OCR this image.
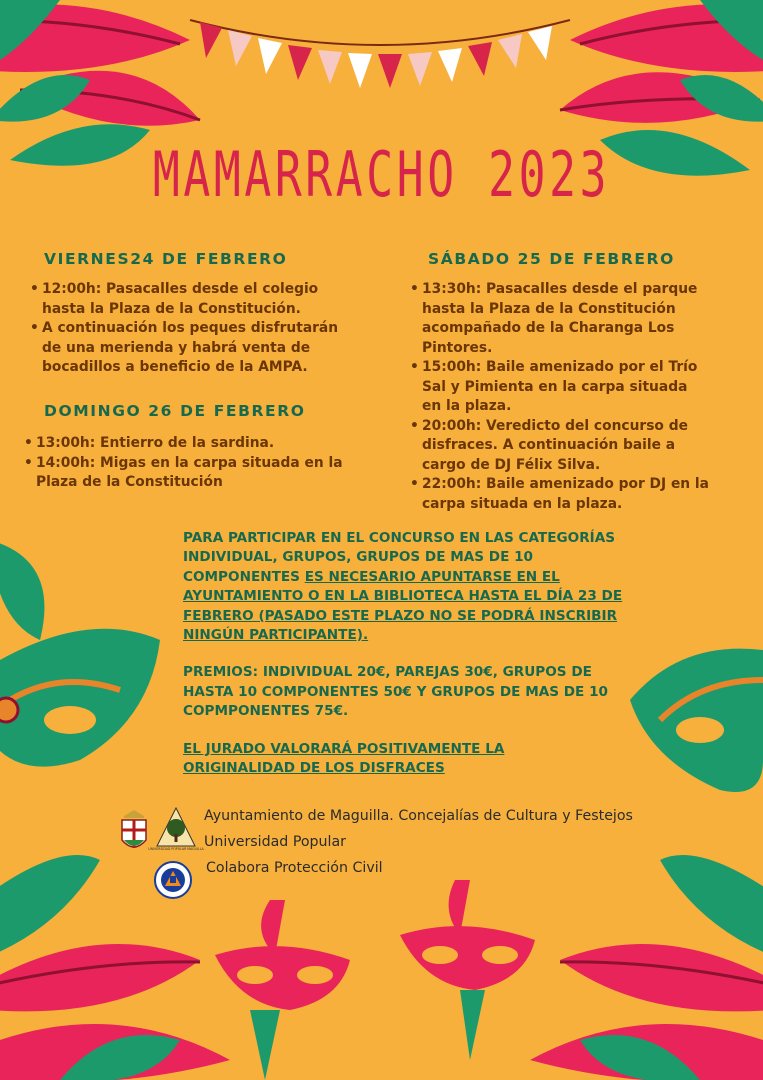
MAMARRACHO 2023
VIERNES24 DE FEBRERO
• 12:00h: Pasacalles desde el colegio hasta la Plaza de la Constitución.
• A continuación los peques disfrutarán de una merienda y habrá venta de bocadillos a beneficio de la AMPA.
DOMINGO 26 DE FEBRERO
• 13:00h: Entierro de la sardina.
• 14:00h: Migas en la carpa situada en la Plaza de la Constitución
SÁBADO 25 DE FEBRERO
• 13:30h: Pasacalles desde el parque hasta la Plaza de la Constitución acompañado de la Charanga Los Pintores.
• 15:00h: Baile amenizado por el Trío Sal y Pimienta en la carpa situada en la plaza.
• 20:00h: Veredicto del concurso de disfraces. A continuación baile a cargo de DJ Félix Silva.
• 22:00h: Baile amenizado por DJ en la carpa situada en la plaza.

PARA PARTICIPAR EN EL CONCURSO EN LAS CATEGORÍAS INDIVIDUAL, GRUPOS, GRUPOS DE MAS DE 10 COMPONENTES ES NECESARIO APUNTARSE EN EL AYUNTAMIENTO O EN LA BIBLIOTECA HASTA EL DÍA 23 DE FEBRERO (PASADO ESTE PLAZO NO SE PODRÁ INSCRIBIR NINGÚN PARTICIPANTE).

PREMIOS: INDIVIDUAL 20€, PAREJAS 30€, GRUPOS DE HASTA 10 COMPONENTES 50€ Y GRUPOS DE MAS DE 10 COPMPONENTES 75€.

EL JURADO VALORARÁ POSITIVAMENTE LA ORIGINALIDAD DE LOS DISFRACES

UNIVERSIDAD POPULAR MAGUILLA
Ayuntamiento de Maguilla. Concejalías de Cultura y Festejos
Universidad Popular
Colabora Protección Civil
